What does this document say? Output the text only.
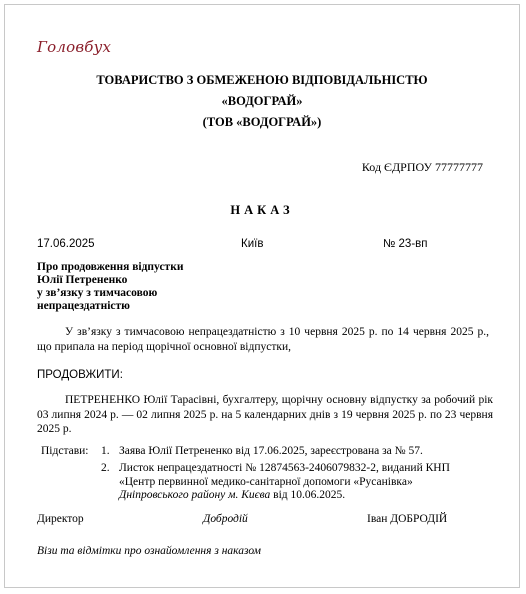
Головбух
ТОВАРИСТВО З ОБМЕЖЕНОЮ ВІДПОВІДАЛЬНІСТЮ
«ВОДОГРАЙ»
(ТОВ «ВОДОГРАЙ»)
Код ЄДРПОУ 77777777
НАКАЗ
17.06.2025	Київ	№ 23-вп
Про продовження відпустки
Юлії Петрененко
у зв’язку з тимчасовою
непрацездатністю
У зв’язку з тимчасовою непрацездатністю з 10 червня 2025 р. по 14 червня 2025 р., що припала на період щорічної основної відпустки,
ПРОДОВЖИТИ:
ПЕТРЕНЕНКО Юлії Тарасівні, бухгалтеру, щорічну основну відпустку за робочий рік 03 липня 2024 р. — 02 липня 2025 р. на 5 календарних днів з 19 червня 2025 р. по 23 червня 2025 р.
Підстави: 1. Заява Юлії Петрененко від 17.06.2025, зареєстрована за № 57.
2. Листок непрацездатності № 12874563-2406079832-2, виданий КНП
«Центр первинної медико-санітарної допомоги «Русанівка»
Дніпровського району м. Києва від 10.06.2025.
Директор	Добродій	Іван ДОБРОДІЙ
Візи та відмітки про ознайомлення з наказом
